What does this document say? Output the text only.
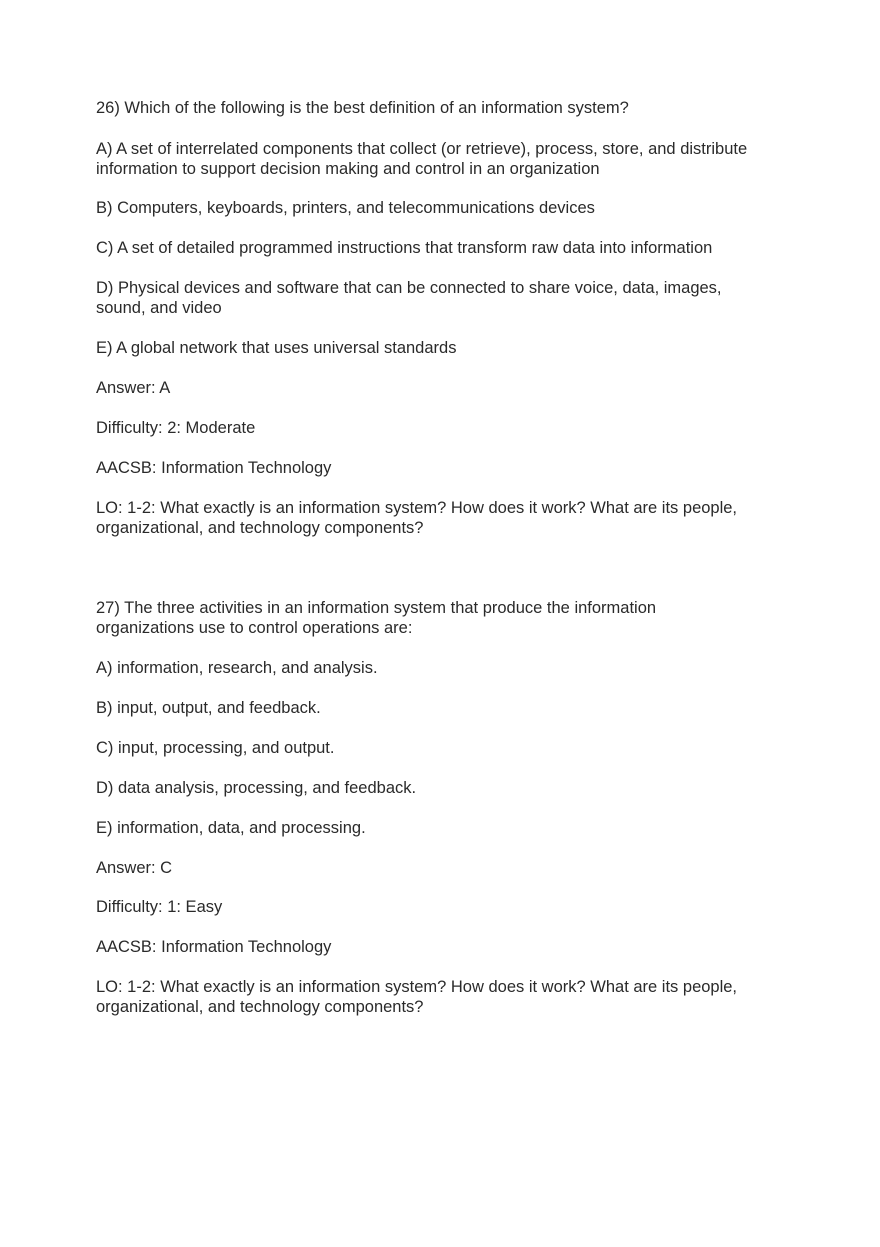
26) Which of the following is the best definition of an information system?

A) A set of interrelated components that collect (or retrieve), process, store, and distribute information to support decision making and control in an organization

B) Computers, keyboards, printers, and telecommunications devices

C) A set of detailed programmed instructions that transform raw data into information

D) Physical devices and software that can be connected to share voice, data, images, sound, and video

E) A global network that uses universal standards

Answer: A

Difficulty: 2: Moderate

AACSB: Information Technology

LO: 1-2: What exactly is an information system? How does it work? What are its people, organizational, and technology components?

27) The three activities in an information system that produce the information organizations use to control operations are:

A) information, research, and analysis.

B) input, output, and feedback.

C) input, processing, and output.

D) data analysis, processing, and feedback.

E) information, data, and processing.

Answer: C

Difficulty: 1: Easy

AACSB: Information Technology

LO: 1-2: What exactly is an information system? How does it work? What are its people, organizational, and technology components?
